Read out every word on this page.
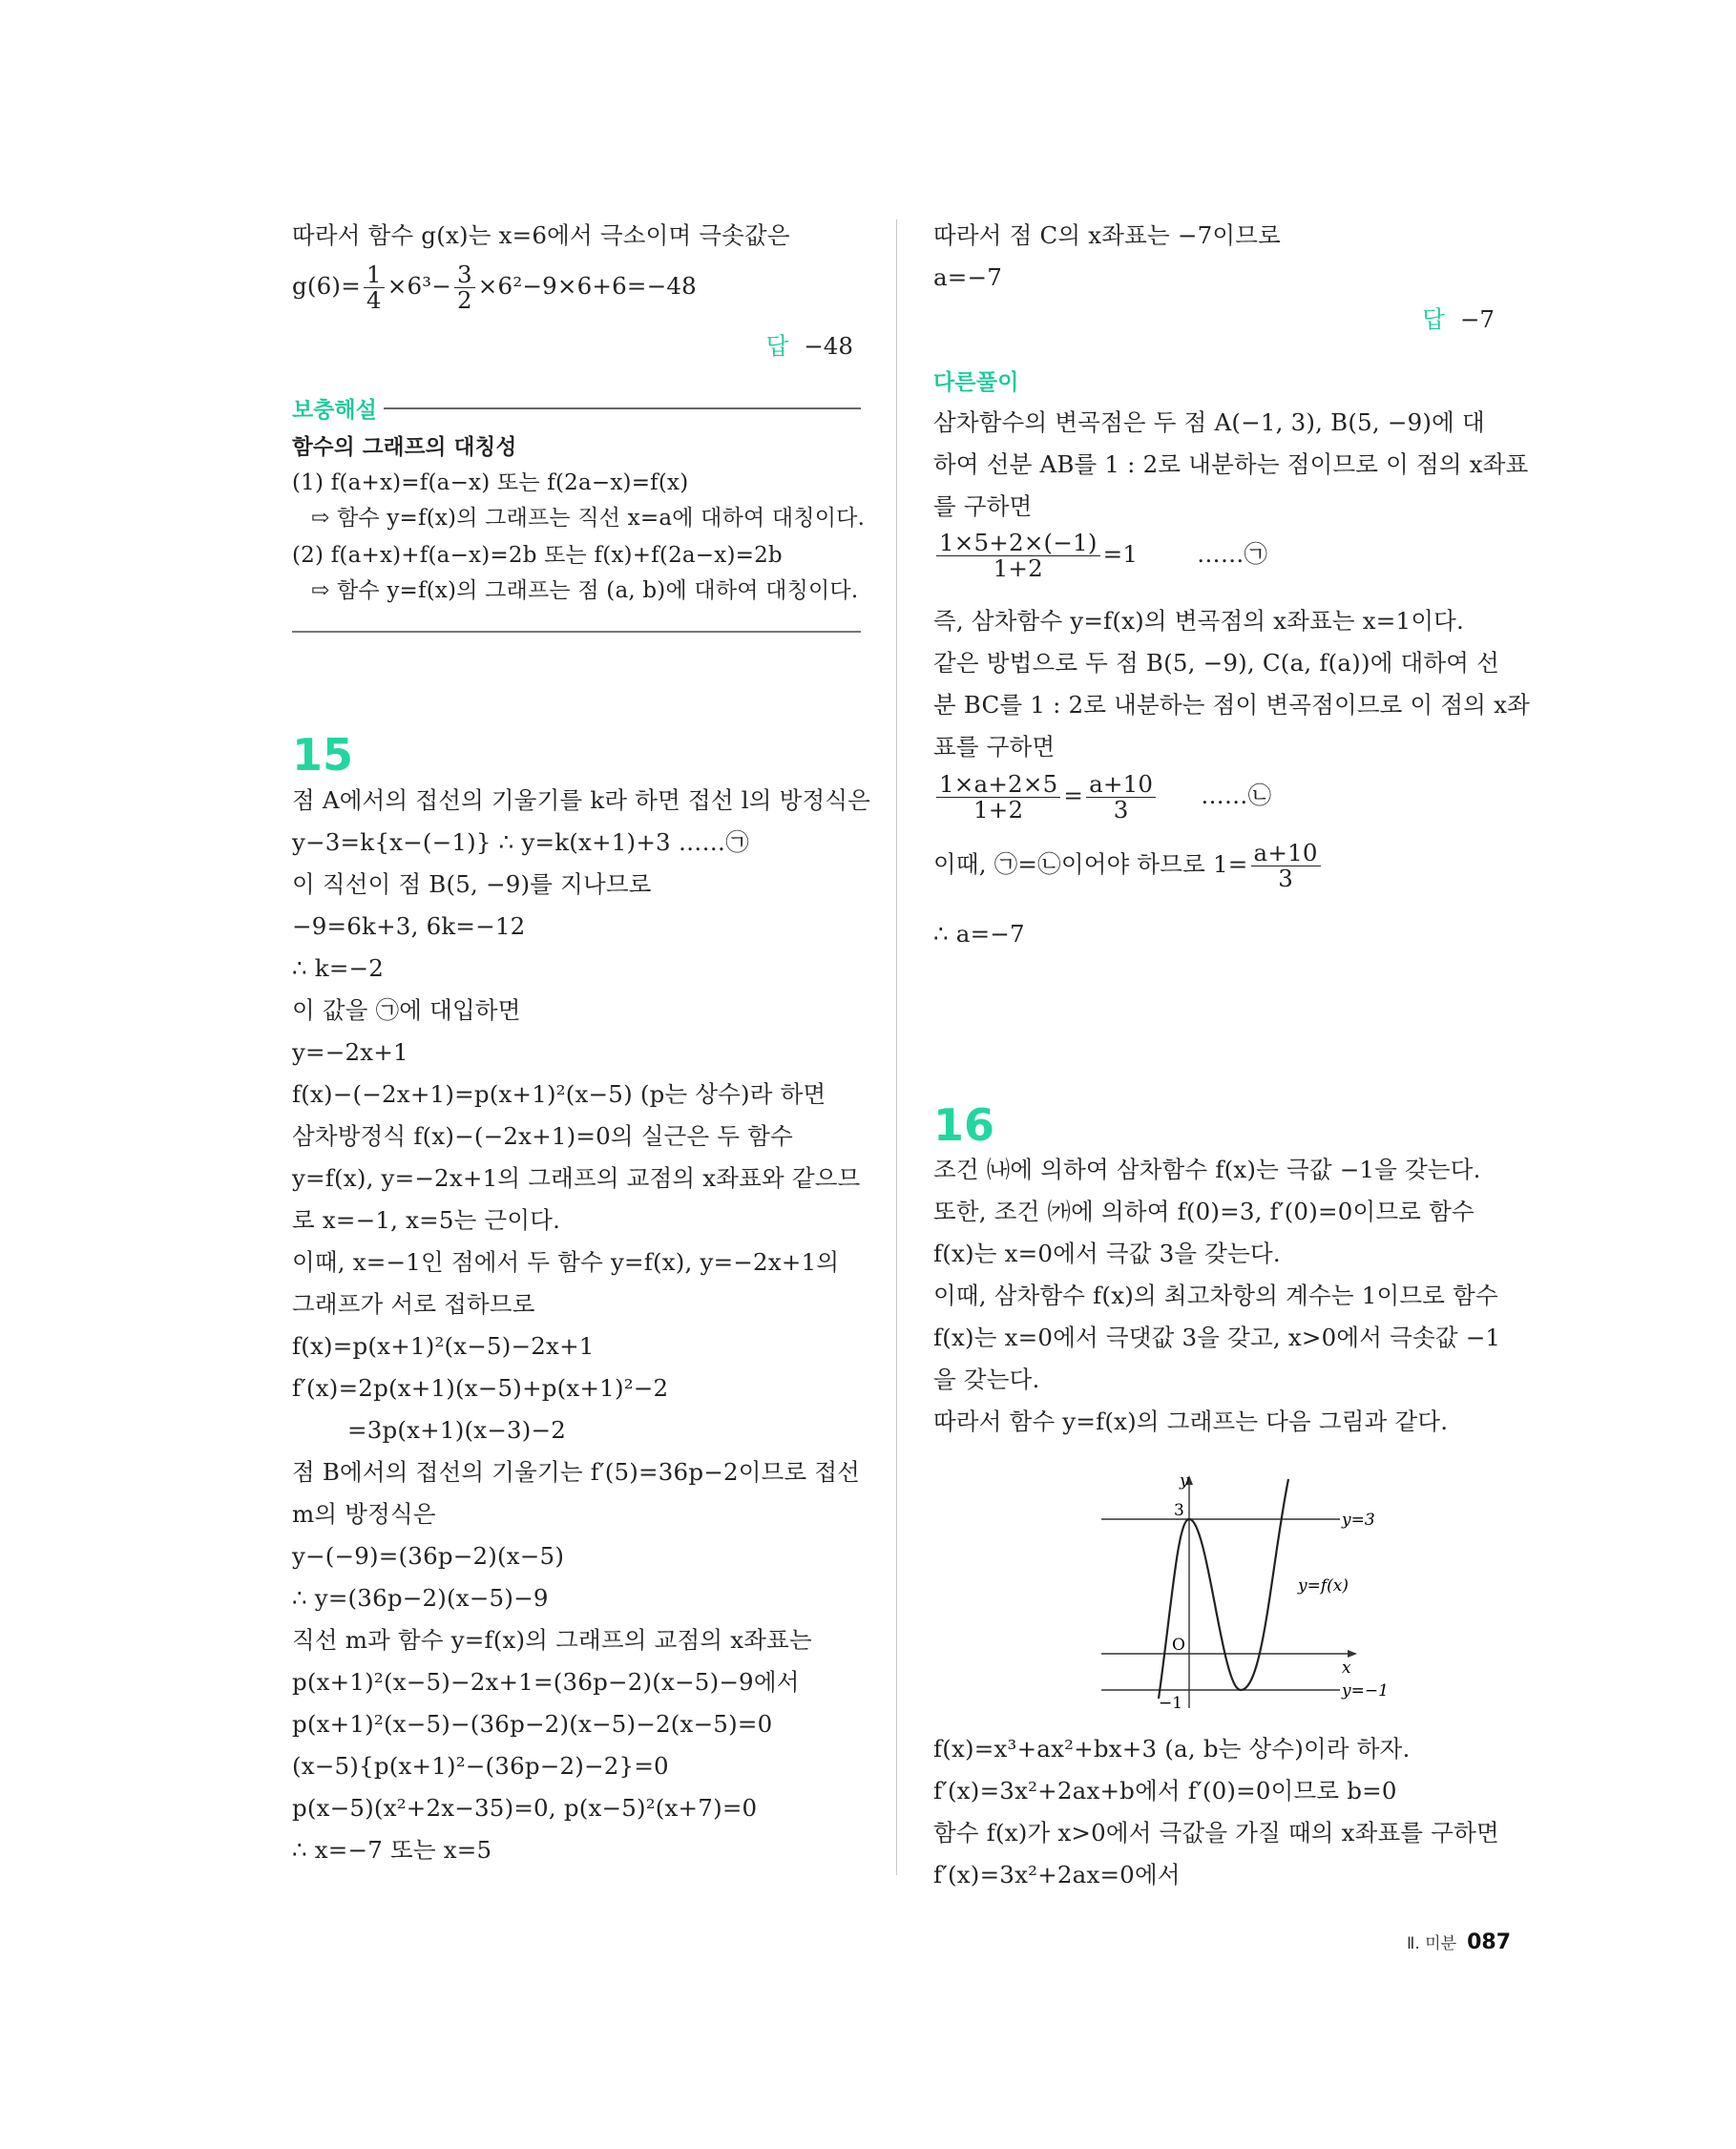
따라서 함수 g(x)는 x=6에서 극소이며 극솟값은
$g(6)= \frac{1}{4} \times 6^3- \frac{3}{2} \times 6^2-9\times 6+6=-48$
답 −48
보충해설
함수의 그래프의 대칭성
(1) f(a+x)=f(a−x) 또는 f(2a−x)=f(x)
⇨ 함수 y=f(x)의 그래프는 직선 x=a에 대하여 대칭이다.
(2) f(a+x)+f(a−x)=2b 또는 f(x)+f(2a−x)=2b
⇨ 함수 y=f(x)의 그래프는 점 (a, b)에 대하여 대칭이다.
15
점 A에서의 접선의 기울기를 k라 하면 접선 l의 방정식은
y−3=k{x−(−1)} ∴ y=k(x+1)+3 ……㉠
이 직선이 점 B(5, −9)를 지나므로
−9=6k+3, 6k=−12
∴ k=−2
이 값을 ㉠에 대입하면
y=−2x+1
f(x)−(−2x+1)=p(x+1)²(x−5) (p는 상수)라 하면
삼차방정식 f(x)−(−2x+1)=0의 실근은 두 함수
y=f(x), y=−2x+1의 그래프의 교점의 x좌표와 같으므
로 x=−1, x=5는 근이다.
이때, x=−1인 점에서 두 함수 y=f(x), y=−2x+1의
그래프가 서로 접하므로
f(x)=p(x+1)²(x−5)−2x+1
f′(x)=2p(x+1)(x−5)+p(x+1)²−2
=3p(x+1)(x−3)−2
점 B에서의 접선의 기울기는 f′(5)=36p−2이므로 접선
m의 방정식은
y−(−9)=(36p−2)(x−5)
∴ y=(36p−2)(x−5)−9
직선 m과 함수 y=f(x)의 그래프의 교점의 x좌표는
p(x+1)²(x−5)−2x+1=(36p−2)(x−5)−9에서
p(x+1)²(x−5)−(36p−2)(x−5)−2(x−5)=0
(x−5){p(x+1)²−(36p−2)−2}=0
p(x−5)(x²+2x−35)=0, p(x−5)²(x+7)=0
∴ x=−7 또는 x=5
따라서 점 C의 x좌표는 −7이므로
a=−7
답 −7
다른풀이
삼차함수의 변곡점은 두 점 A(−1, 3), B(5, −9)에 대
하여 선분 AB를 1 : 2로 내분하는 점이므로 이 점의 x좌표
를 구하면
$\frac{1\times 5+2\times(-1)}{1+2} =1$	……㉠
즉, 삼차함수 y=f(x)의 변곡점의 x좌표는 x=1이다.
같은 방법으로 두 점 B(5, −9), C(a, f(a))에 대하여 선
분 BC를 1 : 2로 내분하는 점이 변곡점이므로 이 점의 x좌
표를 구하면
$\frac{1\times a+2\times 5}{1+2} = \frac{a+10}{3}$ ……㉡
이때, ㉠=㉡이어야 하므로 $1= \frac{a+10}{3}$
∴ a=−7
16
조건 ㈏에 의하여 삼차함수 f(x)는 극값 −1을 갖는다.
또한, 조건 ㈎에 의하여 f(0)=3, f′(0)=0이므로 함수
f(x)는 x=0에서 극값 3을 갖는다.
이때, 삼차함수 f(x)의 최고차항의 계수는 1이므로 함수
f(x)는 x=0에서 극댓값 3을 갖고, x>0에서 극솟값 −1
을 갖는다.
따라서 함수 y=f(x)의 그래프는 다음 그림과 같다.
y
x
O
3
−1
y=3
y=f(x)
y=−1
f(x)=x³+ax²+bx+3 (a, b는 상수)이라 하자.
f′(x)=3x²+2ax+b에서 f′(0)=0이므로 b=0
함수 f(x)가 x>0에서 극값을 가질 때의 x좌표를 구하면
f′(x)=3x²+2ax=0에서
Ⅱ. 미분 087
